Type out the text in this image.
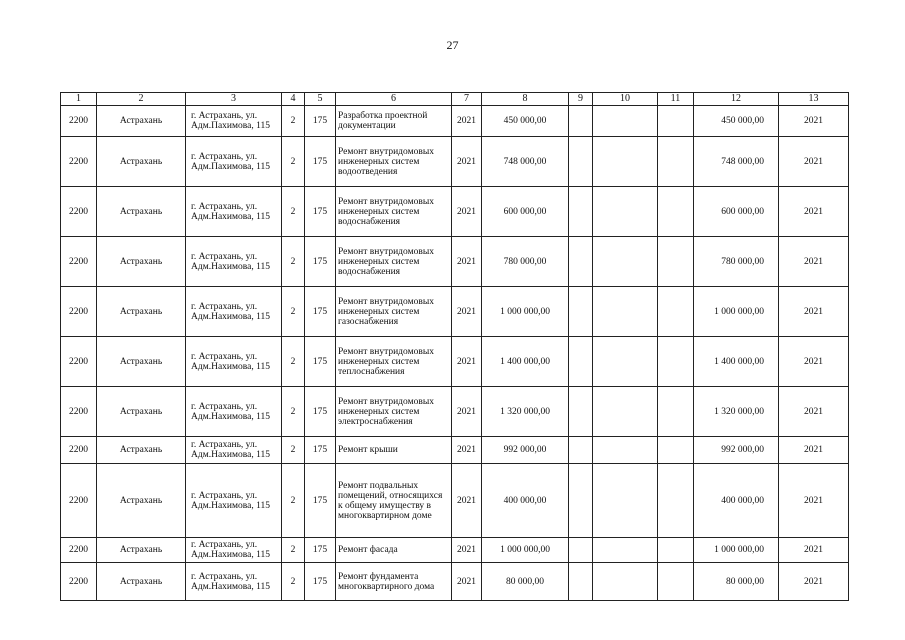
27
1	2	3	4	5	6	7	8	9	10	11	12	13
2200	Астрахань	г. Астрахань, ул. Адм.Пахимова, 115	2	175	Разработка проектной документации	2021	450 000,00				450 000,00	2021
2200	Астрахань	г. Астрахань, ул. Адм.Пахимова, 115	2	175	Ремонт внутридомовых инженерных систем водоотведения	2021	748 000,00				748 000,00	2021
2200	Астрахань	г. Астрахань, ул. Адм.Нахимова, 115	2	175	Ремонт внутридомовых инженерных систем водоснабжения	2021	600 000,00				600 000,00	2021
2200	Астрахань	г. Астрахань, ул. Адм.Нахимова, 115	2	175	Ремонт внутридомовых инженерных систем водоснабжения	2021	780 000,00				780 000,00	2021
2200	Астрахань	г. Астрахань, ул. Адм.Нахимова, 115	2	175	Ремонт внутридомовых инженерных систем газоснабжения	2021	1 000 000,00				1 000 000,00	2021
2200	Астрахань	г. Астрахань, ул. Адм.Нахимова, 115	2	175	Ремонт внутридомовых инженерных систем теплоснабжения	2021	1 400 000,00				1 400 000,00	2021
2200	Астрахань	г. Астрахань, ул. Адм.Нахимова, 115	2	175	Ремонт внутридомовых инженерных систем электроснабжения	2021	1 320 000,00				1 320 000,00	2021
2200	Астрахань	г. Астрахань, ул. Адм.Нахимова, 115	2	175	Ремонт крыши	2021	992 000,00				992 000,00	2021
2200	Астрахань	г. Астрахань, ул. Адм.Нахимова, 115	2	175	Ремонт подвальных помещений, относящихся к общему имуществу в многоквартирном доме	2021	400 000,00				400 000,00	2021
2200	Астрахань	г. Астрахань, ул. Адм.Нахимова, 115	2	175	Ремонт фасада	2021	1 000 000,00				1 000 000,00	2021
2200	Астрахань	г. Астрахань, ул. Адм.Нахимова, 115	2	175	Ремонт фундамента многоквартирного дома	2021	80 000,00				80 000,00	2021
